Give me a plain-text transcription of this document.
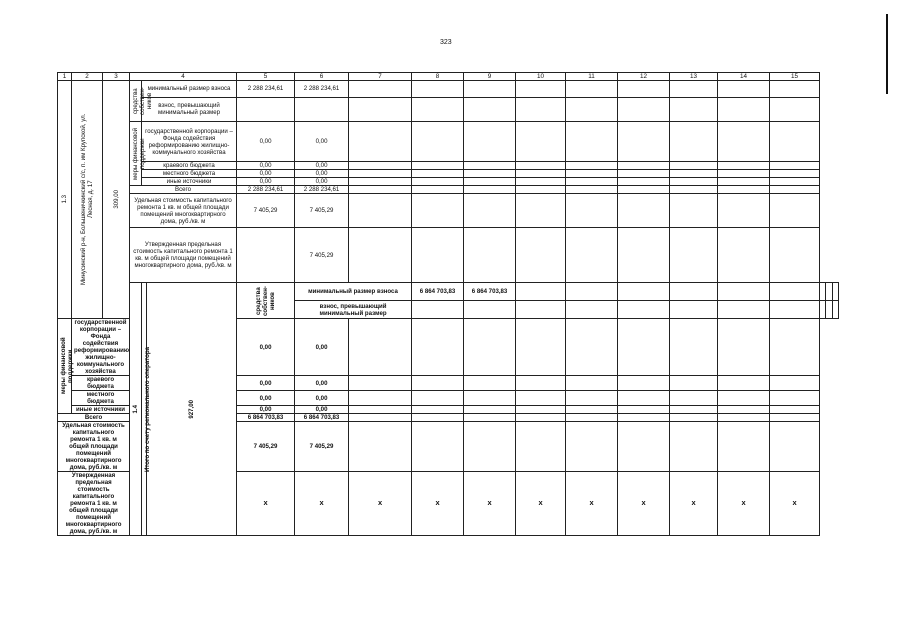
323
1	2	3	4			5	6	7	8	9	10	11	12	13	14	15			

1.3	Минусинский р-н, Большеничкинский с/с, п. им Крупской, ул. Лесная, д. 17	309,00	средства собствен-ников	минимальный размер взноса		2 288 234,61	2 288 234,61												
				взнос, превышающий минимальный размер															

			меры финансовой поддержки	государственной корпорации – Фонда содействия реформированию жилищно-коммунального хозяйства		0,00	0,00												
				краевого бюджета		0,00	0,00												
				местного бюджета		0,00	0,00												
				иные источники		0,00	0,00												
			Всего			2 288 234,61	2 288 234,61												
			Удельная стоимость капитального ремонта 1 кв. м общей площади помещений многоквартирного дома, руб./кв. м			7 405,29	7 405,29												
			Утвержденная предельная стоимость капитального ремонта 1 кв. м общей площади помещений многоквартирного дома, руб./кв. м				7 405,29												

			1.4	Итого по счету регионального оператора	927,00	средства собствен-ников	минимальный размер взноса		6 864 703,83	6 864 703,83									
							взнос, превышающий минимальный размер												

меры финансовой поддержки	государственной корпорации – Фонда содействия реформированию жилищно-коммунального хозяйства					0,00	0,00												
	краевого бюджета					0,00	0,00												
	местного бюджета					0,00	0,00												
	иные источники					0,00	0,00												
Всего						6 864 703,83	6 864 703,83												
Удельная стоимость капитального ремонта 1 кв. м общей площади помещений многоквартирного дома, руб./кв. м						7 405,29	7 405,29												
Утвержденная предельная стоимость капитального ремонта 1 кв. м общей площади помещений многоквартирного дома, руб./кв. м						х	х	х	х	х	х	х	х	х	х	х			
